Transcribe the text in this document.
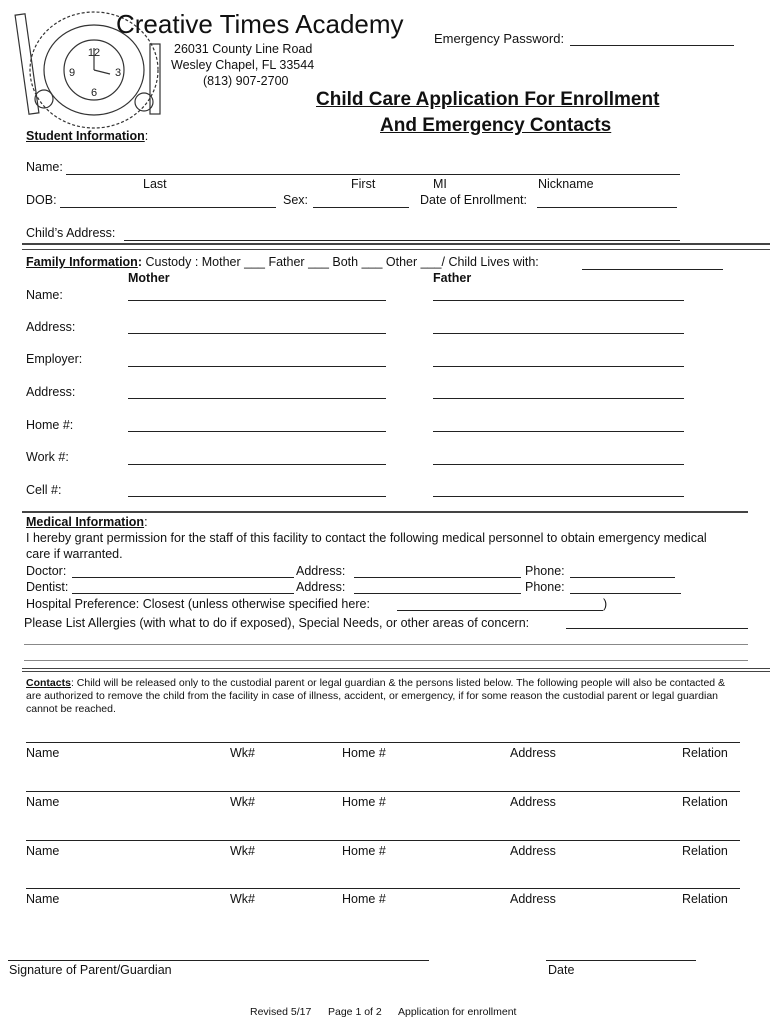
12
9	3
6
Creative Times Academy
26031 County Line Road
Wesley Chapel, FL 33544
(813) 907-2700
Emergency Password:
Child Care Application For Enrollment
And Emergency Contacts
Student Information:
Name:
Last	First	MI	Nickname
DOB:	Sex:	Date of Enrollment:
Child’s Address:
Family Information: Custody : Mother ___ Father ___ Both ___ Other ___/ Child Lives with:
Mother	Father
Name:
Address:
Employer:
Address:
Home #:
Work #:
Cell #:
Medical Information:
I hereby grant permission for the staff of this facility to contact the following medical personnel to obtain emergency medical
care if warranted.
Doctor:	Address:	Phone:
Dentist:	Address:	Phone:
Hospital Preference: Closest (unless otherwise specified here:	)
Please List Allergies (with what to do if exposed), Special Needs, or other areas of concern:
Contacts: Child will be released only to the custodial parent or legal guardian & the persons listed below. The following people will also be contacted &
are authorized to remove the child from the facility in case of illness, accident, or emergency, if for some reason the custodial parent or legal guardian
cannot be reached.
Name	Wk#	Home #	Address	Relation
Name	Wk#	Home #	Address	Relation
Name	Wk#	Home #	Address	Relation
Name	Wk#	Home #	Address	Relation
Signature of Parent/Guardian	Date
Revised 5/17 Page 1 of 2 Application for enrollment
